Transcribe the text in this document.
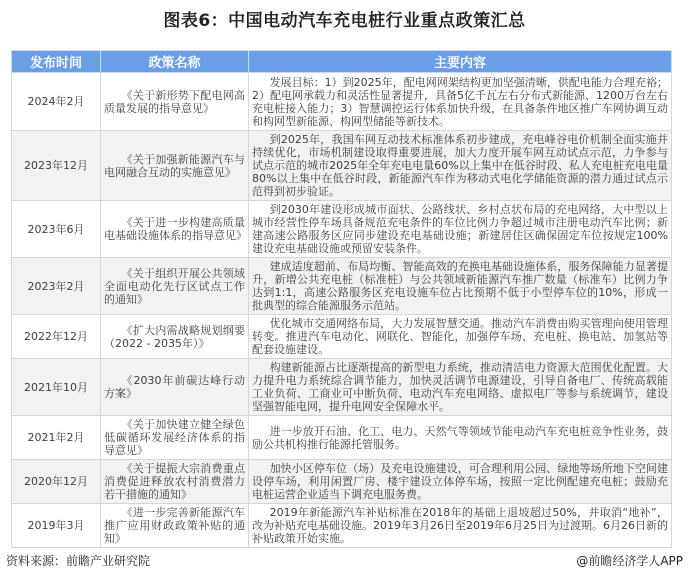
图表6：中国电动汽车充电桩行业重点政策汇总
发布时间	政策名称	主要内容
2024年2月	《关于新形势下配电网高质量发展的指导意见》	发展目标：1）到2025年，配电网网架结构更加坚强清晰，供配电能力合理充裕；2）配电网承载力和灵活性显著提升，具备5亿千瓦左右分布式新能源、1200万台左右充电桩接入能力；3）智慧调控运行体系加快升级，在具备条件地区推广车网协调互动和构网型新能源、构网型储能等新技术。
2023年12月	《关于加强新能源汽车与电网融合互动的实施意见》	到2025年，我国车网互动技术标准体系初步建成，充电峰谷电价机制全面实施并持续优化，市场机制建设取得重要进展，加大力度开展车网互动试点示范，力争参与试点示范的城市2025年全年充电电量60%以上集中在低谷时段、私人充电桩充电电量80%以上集中在低谷时段，新能源汽车作为移动式电化学储能资源的潜力通过试点示范得到初步验证。
2023年6月	《关于进一步构建高质量电基础设施体系的指导意见》	到2030年建设形成城市面状、公路线状、乡村点状布局的充电网络，大中型以上城市经营性停车场具备规范充电条件的车位比例力争超过城市注册电动汽车比例；新建高速公路服务区应同步建设充电基础设施；新建居住区确保固定车位按规定100%建设充电基础设施或预留安装条件。
2023年2月	《关于组织开展公共领域全面电动化先行区试点工作的通知》	建成适度超前、布局均衡、智能高效的充换电基础设施体系，服务保障能力显著提升，新增公共充电桩（标准桩）与公共领域新能源汽车推广数量（标准车）比例力争达到1:1，高速公路服务区充电设施车位占比预期不低于小型停车位的10%，形成一批典型的综合能源服务示范站。
2022年12月	《扩大内需战略规划纲要（2022 - 2035年）》	优化城市交通网络布局，大力发展智慧交通。推动汽车消费由购买管理向使用管理转变。推进汽车电动化、网联化、智能化，加强停车场、充电桩、换电站、加氢站等配套设施建设。
2021年10月	《2030年前碳达峰行动方案》	构建新能源占比逐渐提高的新型电力系统，推动清洁电力资源大范围优化配置。大力提升电力系统综合调节能力，加快灵活调节电源建设，引导自备电厂、传统高载能工业负荷、工商业可中断负荷、电动汽车充电网络、虚拟电厂等参与系统调节，建设坚强智能电网，提升电网安全保障水平。
2021年2月	《关于加快建立健全绿色低碳循环发展经济体系的指导意见》	进一步放开石油、化工、电力、天然气等领域节能电动汽车充电桩竞争性业务，鼓励公共机构推行能源托管服务。
2020年12月	《关于提振大宗消费重点消费促进释放农村消费潜力若干措施的通知》	加快小区停车位（场）及充电设施建设，可合理利用公园、绿地等场所地下空间建设停车场，利用闲置厂房、楼宇建设立体停车场，按照一定比例配建充电桩；鼓励充电桩运营企业适当下调充电服务费。
2019年3月	《进一步完善新能源汽车推广应用财政政策补贴的通知》	2019年新能源汽车补贴标准在2018年的基础上退坡超过50%，并取消“地补”，改为补贴充电基础设施。2019年3月26日至2019年6月25日为过渡期。6月26日新的补贴政策开始实施。
资料来源：前瞻产业研究院	@前瞻经济学人APP
